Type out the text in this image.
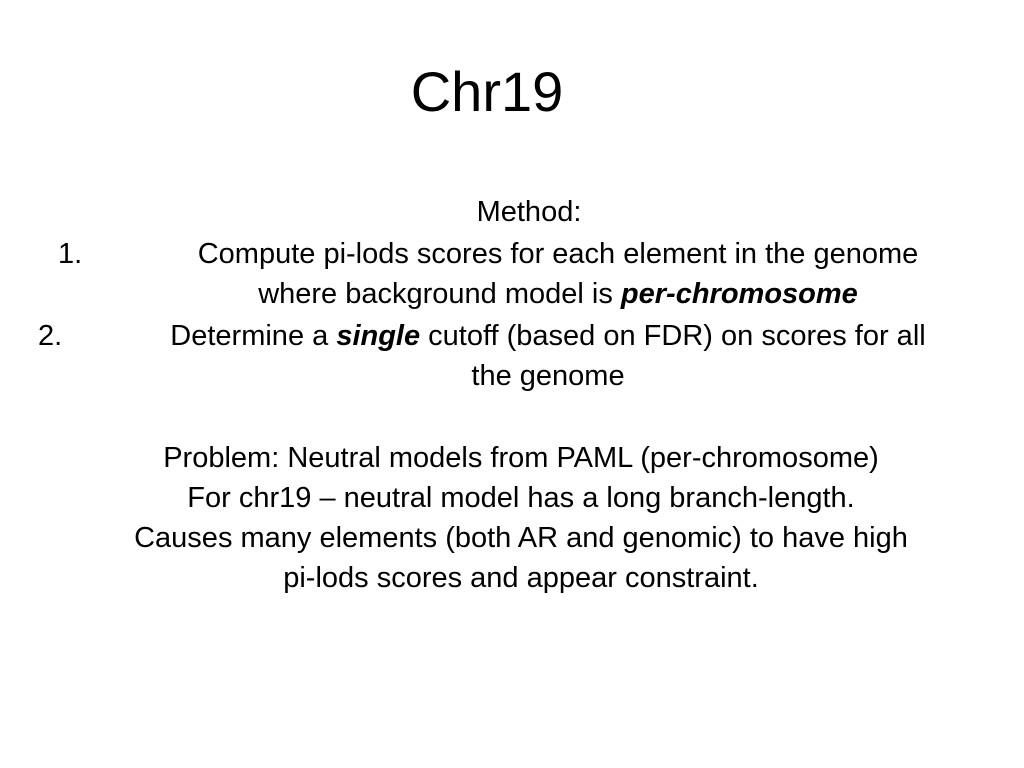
Chr19
Method:
1.	Compute pi-lods scores for each element in the genome
where background model is per-chromosome
2.	Determine a single cutoff (based on FDR) on scores for all
the genome
Problem: Neutral models from PAML (per-chromosome)
For chr19 – neutral model has a long branch-length.
Causes many elements (both AR and genomic) to have high
pi-lods scores and appear constraint.
